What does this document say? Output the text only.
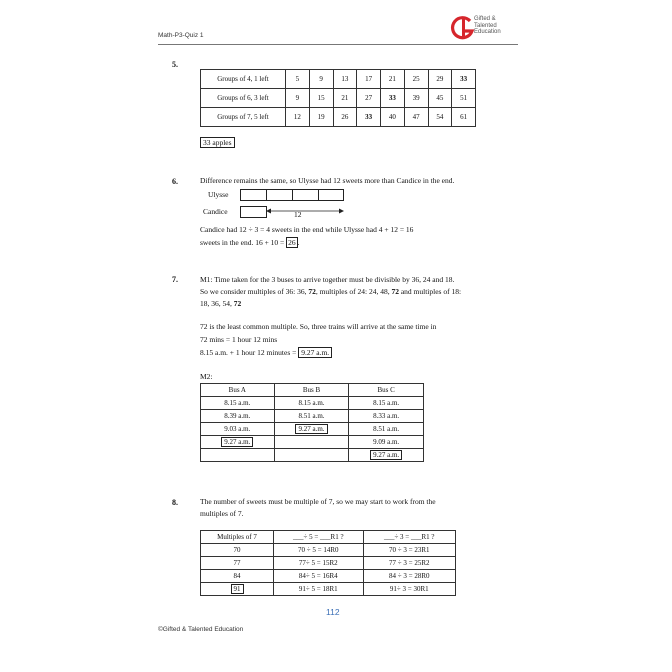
Math-P3-Quiz 1
Gifted &
Talented
Education
5.
Groups of 4, 1 left	5	9	13	17	21	25	29	33
Groups of 6, 3 left	9	15	21	27	33	39	45	51
Groups of 7, 5 left	12	19	26	33	40	47	54	61
33 apples
6.	Difference remains the same, so Ulysse had 12 sweets more than Candice in the end.
Ulysse
Candice	12
Candice had 12 ÷ 3 = 4 sweets in the end while Ulysse had 4 + 12 = 16
sweets in the end. 16 + 10 = 26 .
7.	M1: Time taken for the 3 buses to arrive together must be divisible by 36, 24 and 18.
So we consider multiples of 36: 36, 72, multiples of 24: 24, 48, 72 and multiples of 18:
18, 36, 54, 72
72 is the least common multiple. So, three trains will arrive at the same time in
72 mins = 1 hour 12 mins
8.15 a.m. + 1 hour 12 minutes = 9.27 a.m.
M2:
Bus A	Bus B	Bus C
8.15 a.m.	8.15 a.m.	8.15 a.m.
8.39 a.m.	8.51 a.m.	8.33 a.m.
9.03 a.m.	9.27 a.m.	8.51 a.m.
9.27 a.m.		9.09 a.m.
		9.27 a.m.
8.	The number of sweets must be multiple of 7, so we may start to work from the
multiples of 7.
Multiples of 7	___÷ 5 = ___R1 ?	___÷ 3 = ___R1 ?
70	70 ÷ 5 = 14R0	70 ÷ 3 = 23R1
77	77÷ 5 = 15R2	77 ÷ 3 = 25R2
84	84÷ 5 = 16R4	84 ÷ 3 = 28R0
91	91÷ 5 = 18R1	91÷ 3 = 30R1
112
©Gifted & Talented Education
